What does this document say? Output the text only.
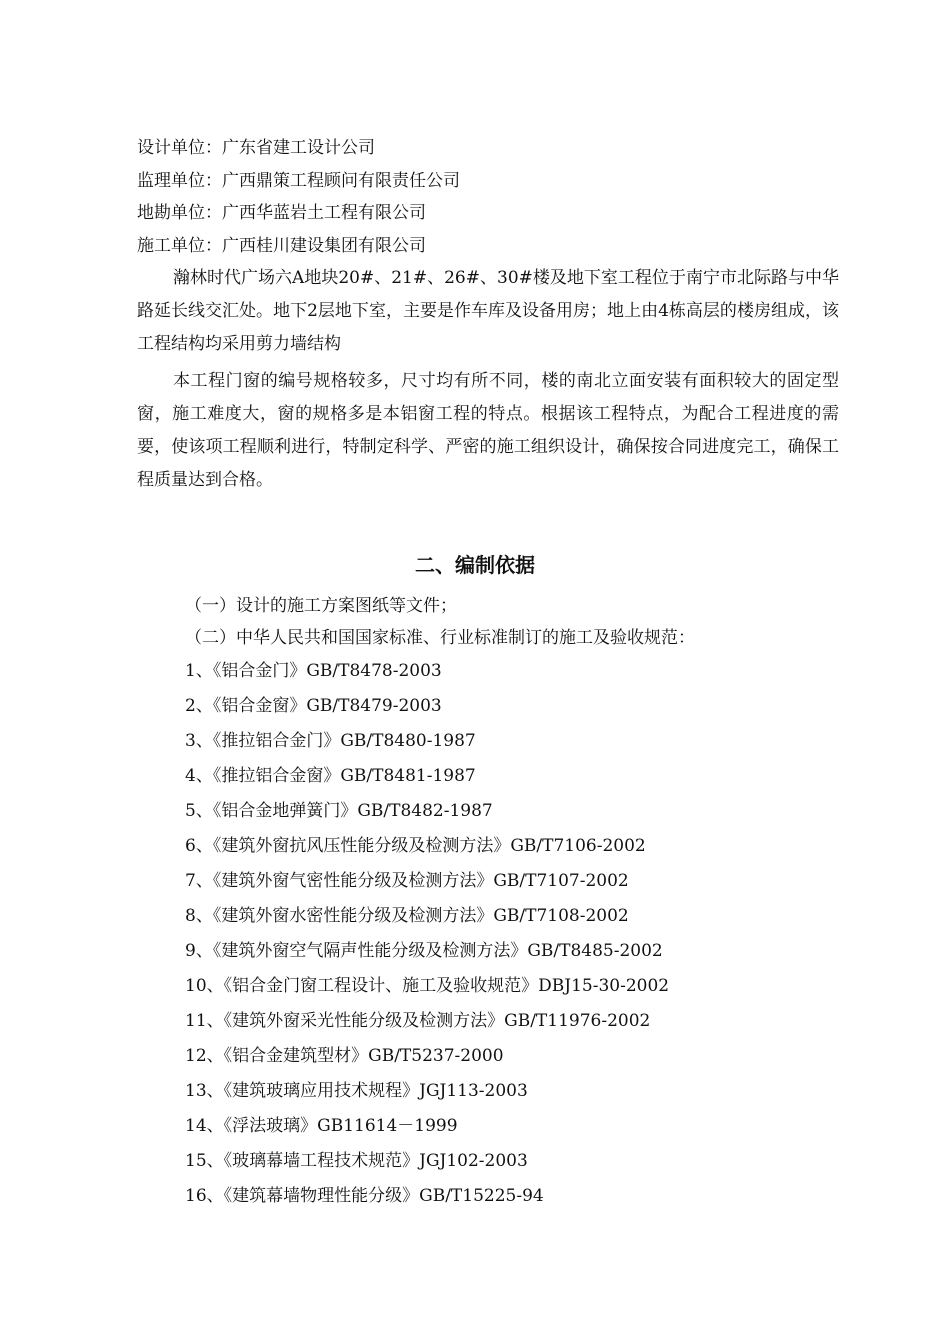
设计单位：广东省建工设计公司
监理单位：广西鼎策工程顾问有限责任公司
地勘单位：广西华蓝岩土工程有限公司
施工单位：广西桂川建设集团有限公司
瀚林时代广场六A地块20#、21#、26#、30#楼及地下室工程位于南宁市北际路与中华路延长线交汇处。地下2层地下室，主要是作车库及设备用房；地上由4栋高层的楼房组成，该工程结构均采用剪力墙结构
本工程门窗的编号规格较多，尺寸均有所不同，楼的南北立面安装有面积较大的固定型窗，施工难度大，窗的规格多是本铝窗工程的特点。根据该工程特点，为配合工程进度的需要，使该项工程顺利进行，特制定科学、严密的施工组织设计，确保按合同进度完工，确保工程质量达到合格。
二、编制依据
（一）设计的施工方案图纸等文件；
（二）中华人民共和国国家标准、行业标准制订的施工及验收规范：
1、《铝合金门》GB/T8478-2003
2、《铝合金窗》GB/T8479-2003
3、《推拉铝合金门》GB/T8480-1987
4、《推拉铝合金窗》GB/T8481-1987
5、《铝合金地弹簧门》GB/T8482-1987
6、《建筑外窗抗风压性能分级及检测方法》GB/T7106-2002
7、《建筑外窗气密性能分级及检测方法》GB/T7107-2002
8、《建筑外窗水密性能分级及检测方法》GB/T7108-2002
9、《建筑外窗空气隔声性能分级及检测方法》GB/T8485-2002
10、《铝合金门窗工程设计、施工及验收规范》DBJ15-30-2002
11、《建筑外窗采光性能分级及检测方法》GB/T11976-2002
12、《铝合金建筑型材》GB/T5237-2000
13、《建筑玻璃应用技术规程》JGJ113-2003
14、《浮法玻璃》GB11614－1999
15、《玻璃幕墙工程技术规范》JGJ102-2003
16、《建筑幕墙物理性能分级》GB/T15225-94
